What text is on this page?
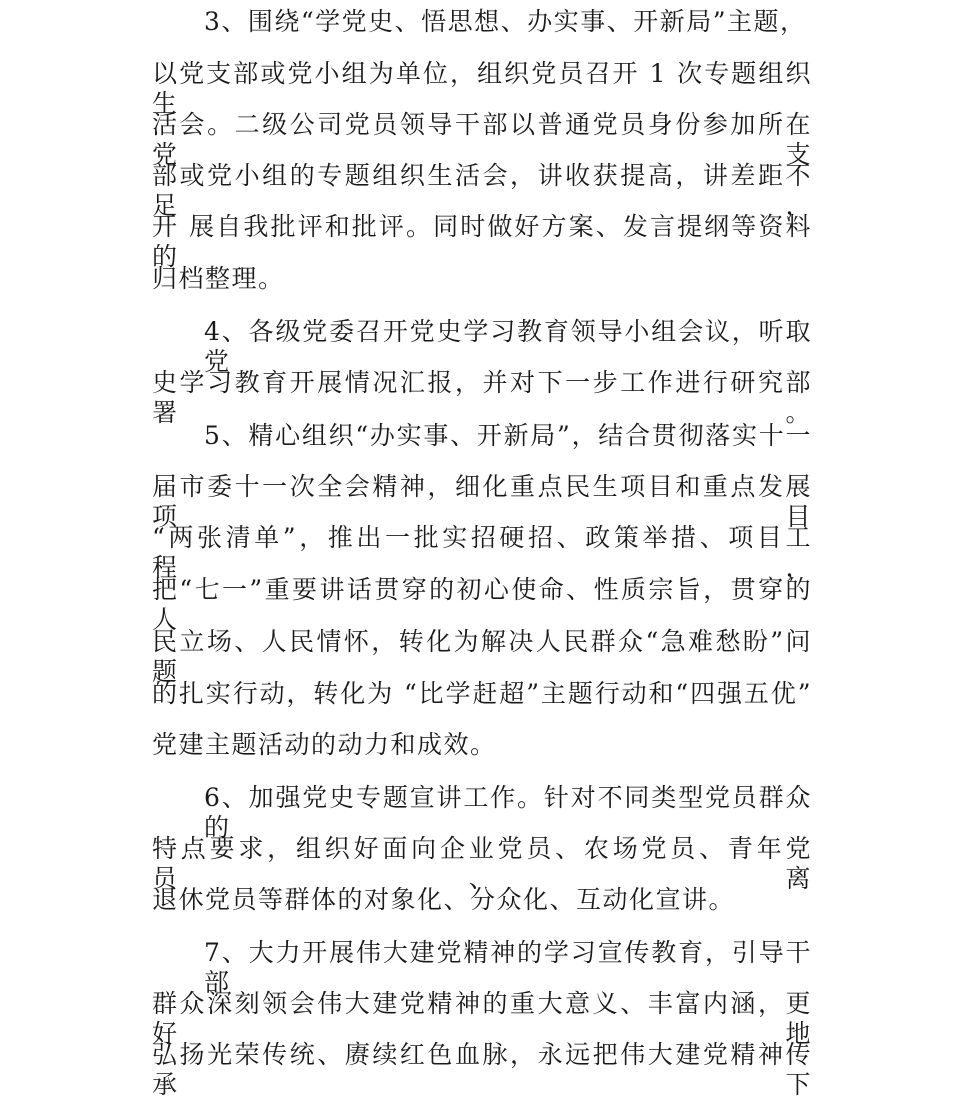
3、围绕“学党史、悟思想、办实事、开新局”主题，
以党支部或党小组为单位，组织党员召开 1 次专题组织生
活会。二级公司党员领导干部以普通党员身份参加所在党支
部或党小组的专题组织生活会，讲收获提高，讲差距不足，
开 展自我批评和批评。同时做好方案、发言提纲等资料的
归档整理。
4、各级党委召开党史学习教育领导小组会议，听取党
史学习教育开展情况汇报，并对下一步工作进行研究部署。
5、精心组织“办实事、开新局”，结合贯彻落实十一
届市委十一次全会精神，细化重点民生项目和重点发展项目
“两张清单”，推出一批实招硬招、政策举措、项目工程，
把“七一”重要讲话贯穿的初心使命、性质宗旨，贯穿的人
民立场、人民情怀，转化为解决人民群众“急难愁盼”问题
的扎实行动，转化为 “比学赶超”主题行动和“四强五优”
党建主题活动的动力和成效。
6、加强党史专题宣讲工作。针对不同类型党员群众的
特点要求，组织好面向企业党员、农场党员、青年党员、离
退休党员等群体的对象化、分众化、互动化宣讲。
7、大力开展伟大建党精神的学习宣传教育，引导干部
群众深刻领会伟大建党精神的重大意义、丰富内涵，更好地
弘扬光荣传统、赓续红色血脉，永远把伟大建党精神传承下
